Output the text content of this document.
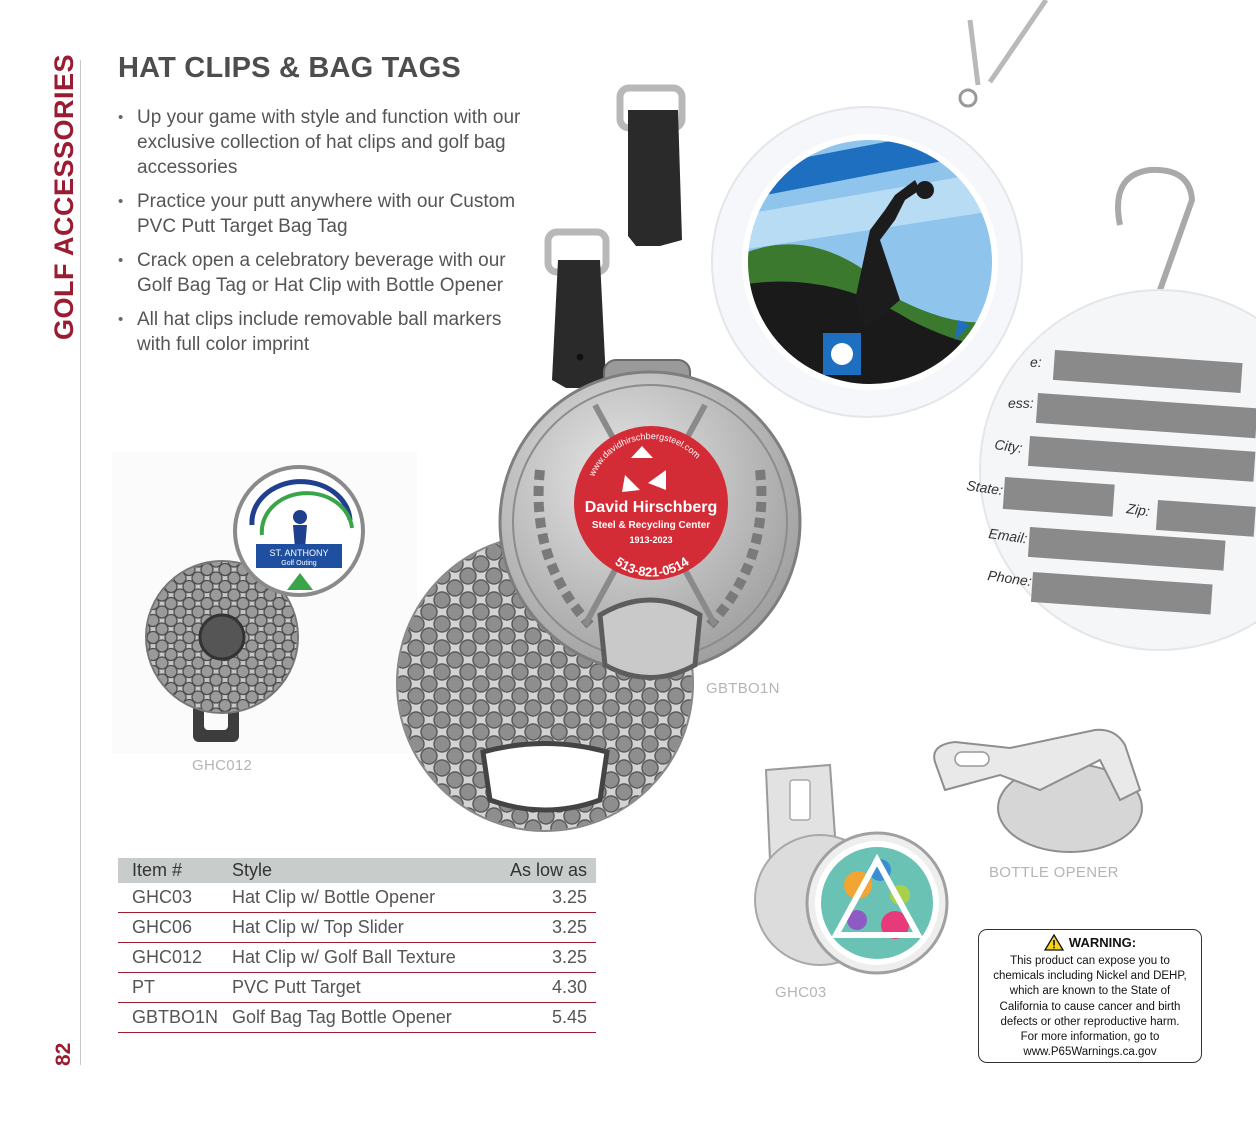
GOLF ACCESSORIES
82
HAT CLIPS & BAG TAGS
• Up your game with style and function with our exclusive collection of hat clips and golf bag accessories
• Practice your putt anywhere with our Custom PVC Putt Target Bag Tag
• Crack open a celebratory beverage with our Golf Bag Tag or Hat Clip with Bottle Opener
• All hat clips include removable ball markers with full color imprint
ST. ANTHONY
Golf Outing
www.davidhirschbergsteel.com
David Hirschberg
Steel & Recycling Center
1913-2023
513-821-0514
e:
ess:
City:
State:
Zip:
Email:
Phone:
GHC012
GBTBO1N
GHC03
BOTTLE OPENER
Item #	Style	As low as
GHC03	Hat Clip w/ Bottle Opener	3.25
GHC06	Hat Clip w/ Top Slider	3.25
GHC012	Hat Clip w/ Golf Ball Texture	3.25
PT	PVC Putt Target	4.30
GBTBO1N	Golf Bag Tag Bottle Opener	5.45
WARNING:
This product can expose you to
chemicals including Nickel and DEHP,
which are known to the State of
California to cause cancer and birth
defects or other reproductive harm.
For more information, go to
www.P65Warnings.ca.gov
